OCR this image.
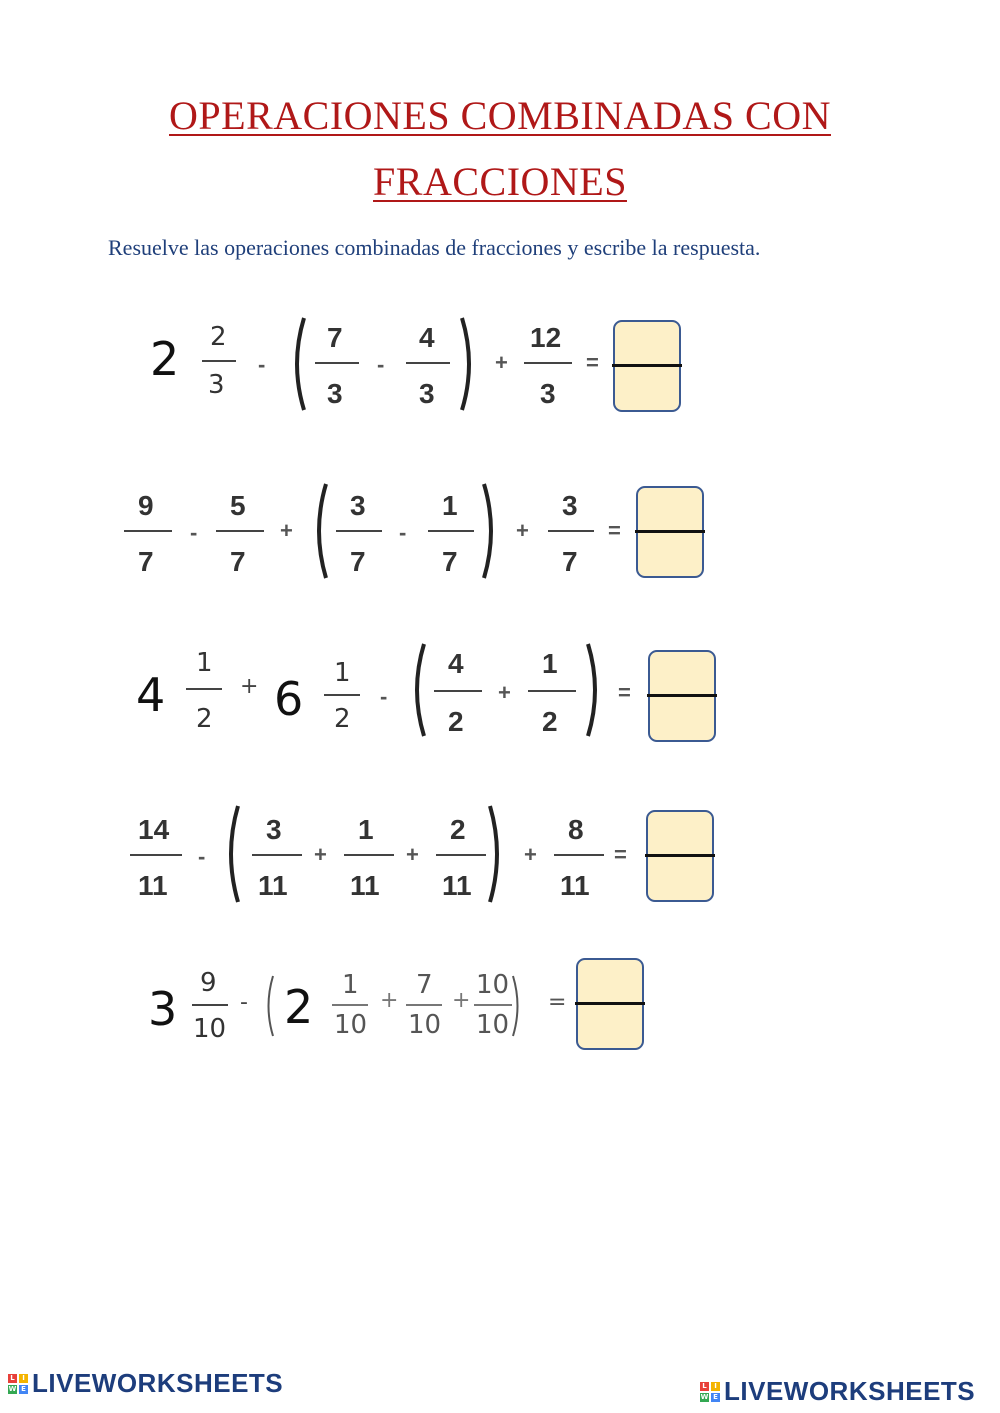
OPERACIONES COMBINADAS CON
FRACCIONES

Resuelve las operaciones combinadas de fracciones y escribe la respuesta.

2 2
3
-
7
3
-
4
3
+
12
3
=
9
7
-
5
7
+
3
7
-
1
7
+
3
7
=
4
1
2
+ 6 1
2
-
4
2
+
1
2
=
14
11
-
3
11
+
1
11
+
2
11
+
8
11
=
3 9
10
- 2 1
10
+
7
10
+
10
10
=
L	I
W E LIVEWORKSHEETS	L	I
W E LIVEWORKSHEETS
